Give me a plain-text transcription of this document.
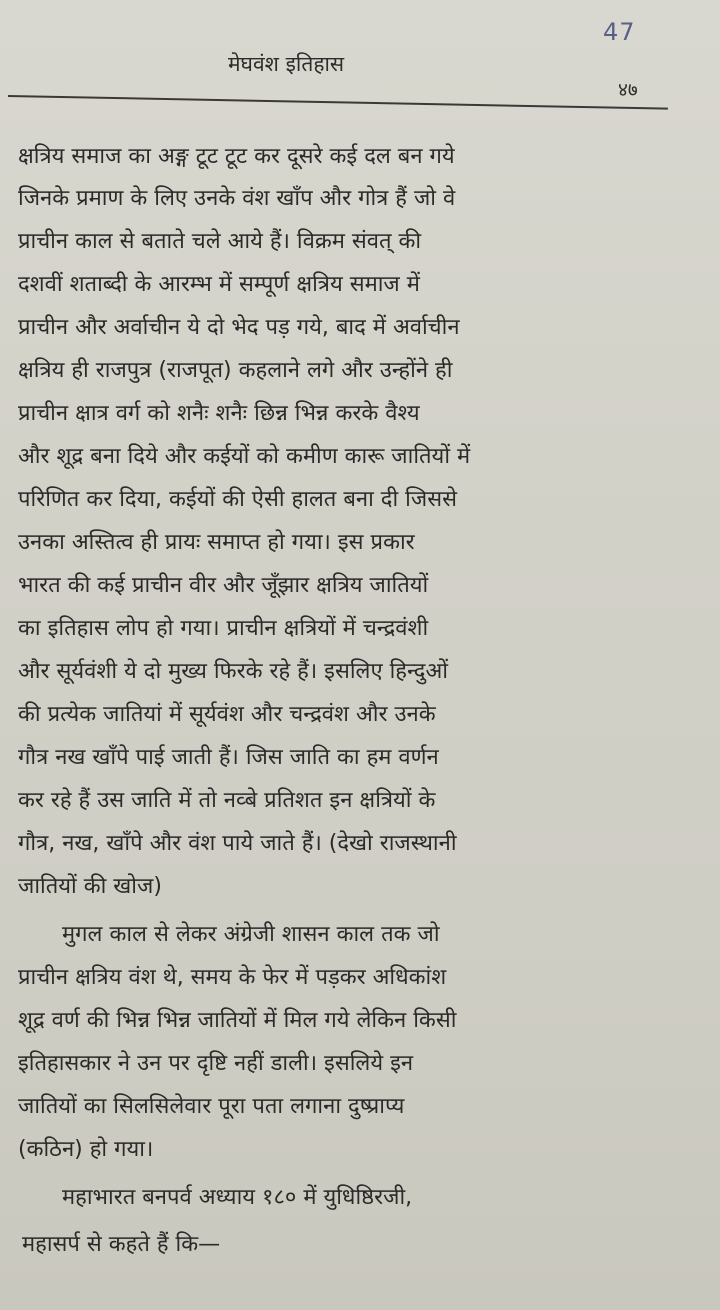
47
मेघवंश इतिहास
४७
क्षत्रिय समाज का अङ्ग टूट टूट कर दूसरे कई दल बन गये
जिनके प्रमाण के लिए उनके वंश खाँप और गोत्र हैं जो वे
प्राचीन काल से बताते चले आये हैं। विक्रम संवत् की
दशवीं शताब्दी के आरम्भ में सम्पूर्ण क्षत्रिय समाज में
प्राचीन और अर्वाचीन ये दो भेद पड़ गये, बाद में अर्वाचीन
क्षत्रिय ही राजपुत्र (राजपूत) कहलाने लगे और उन्होंने ही
प्राचीन क्षात्र वर्ग को शनैः शनैः छिन्न भिन्न करके वैश्य
और शूद्र बना दिये और कईयों को कमीण कारू जातियों में
परिणित कर दिया, कईयों की ऐसी हालत बना दी जिससे
उनका अस्तित्व ही प्रायः समाप्त हो गया। इस प्रकार
भारत की कई प्राचीन वीर और जूँझार क्षत्रिय जातियों
का इतिहास लोप हो गया। प्राचीन क्षत्रियों में चन्द्रवंशी
और सूर्यवंशी ये दो मुख्य फिरके रहे हैं। इसलिए हिन्दुओं
की प्रत्येक जातियां में सूर्यवंश और चन्द्रवंश और उनके
गौत्र नख खाँपे पाई जाती हैं। जिस जाति का हम वर्णन
कर रहे हैं उस जाति में तो नव्बे प्रतिशत इन क्षत्रियों के
गौत्र, नख, खाँपे और वंश पाये जाते हैं। (देखो राजस्थानी
जातियों की खोज)
मुगल काल से लेकर अंग्रेजी शासन काल तक जो
प्राचीन क्षत्रिय वंश थे, समय के फेर में पड़कर अधिकांश
शूद्र वर्ण की भिन्न भिन्न जातियों में मिल गये लेकिन किसी
इतिहासकार ने उन पर दृष्टि नहीं डाली। इसलिये इन
जातियों का सिलसिलेवार पूरा पता लगाना दुष्प्राप्य
(कठिन) हो गया।
महाभारत बनपर्व अध्याय १८० में युधिष्ठिरजी,
महासर्प से कहते हैं कि—
